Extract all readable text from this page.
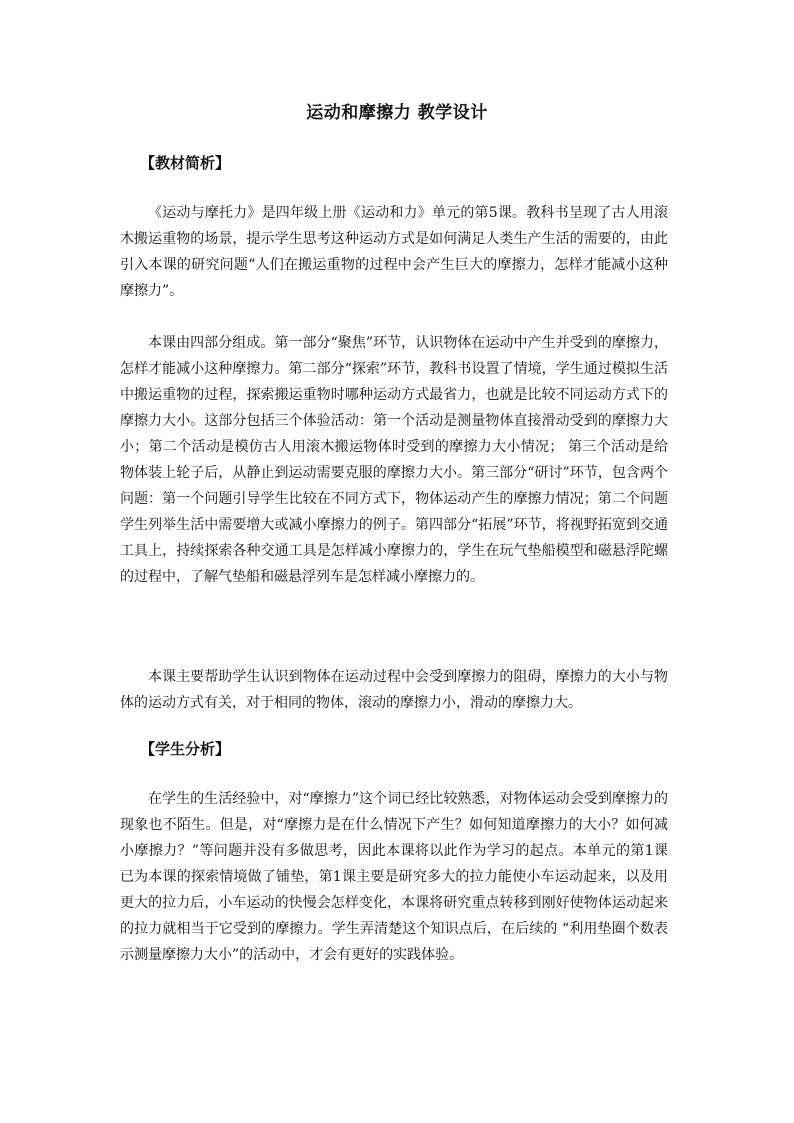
运动和摩擦力 教学设计
【教材简析】

《运动与摩托力》是四年级上册《运动和力》单元的第5课。教科书呈现了古人用滚木搬运重物的场景，提示学生思考这种运动方式是如何满足人类生产生活的需要的，由此引入本课的研究问题“人们在搬运重物的过程中会产生巨大的摩擦力，怎样才能减小这种摩擦力”。

本课由四部分组成。第一部分“聚焦”环节，认识物体在运动中产生并受到的摩擦力，怎样才能减小这种摩擦力。第二部分“探索”环节，教科书设置了情境，学生通过模拟生活中搬运重物的过程，探索搬运重物时哪种运动方式最省力，也就是比较不同运动方式下的摩擦力大小。这部分包括三个体验活动：第一个活动是测量物体直接滑动受到的摩擦力大小；第二个活动是模仿古人用滚木搬运物体时受到的摩擦力大小情况； 第三个活动是给物体装上轮子后，从静止到运动需要克服的摩擦力大小。第三部分“研讨”环节，包含两个问题：第一个问题引导学生比较在不同方式下，物体运动产生的摩擦力情况；第二个问题学生列举生活中需要增大或减小摩擦力的例子。第四部分“拓展”环节，将视野拓宽到交通工具上，持续探索各种交通工具是怎样减小摩擦力的，学生在玩气垫船模型和磁悬浮陀螺的过程中，了解气垫船和磁悬浮列车是怎样减小摩擦力的。

本课主要帮助学生认识到物体在运动过程中会受到摩擦力的阻碍，摩擦力的大小与物体的运动方式有关，对于相同的物体，滚动的摩擦力小，滑动的摩擦力大。

【学生分析】

在学生的生活经验中，对“摩擦力”这个词已经比较熟悉，对物体运动会受到摩擦力的现象也不陌生。但是，对“摩擦力是在什么情况下产生？如何知道摩擦力的大小？如何减小摩擦力？”等问题并没有多做思考，因此本课将以此作为学习的起点。本单元的第1课已为本课的探索情境做了铺垫，第1课主要是研究多大的拉力能使小车运动起来，以及用更大的拉力后，小车运动的快慢会怎样变化，本课将研究重点转移到刚好使物体运动起来的拉力就相当于它受到的摩擦力。学生弄清楚这个知识点后，在后续的 “利用垫圈个数表示测量摩擦力大小”的活动中，才会有更好的实践体验。
